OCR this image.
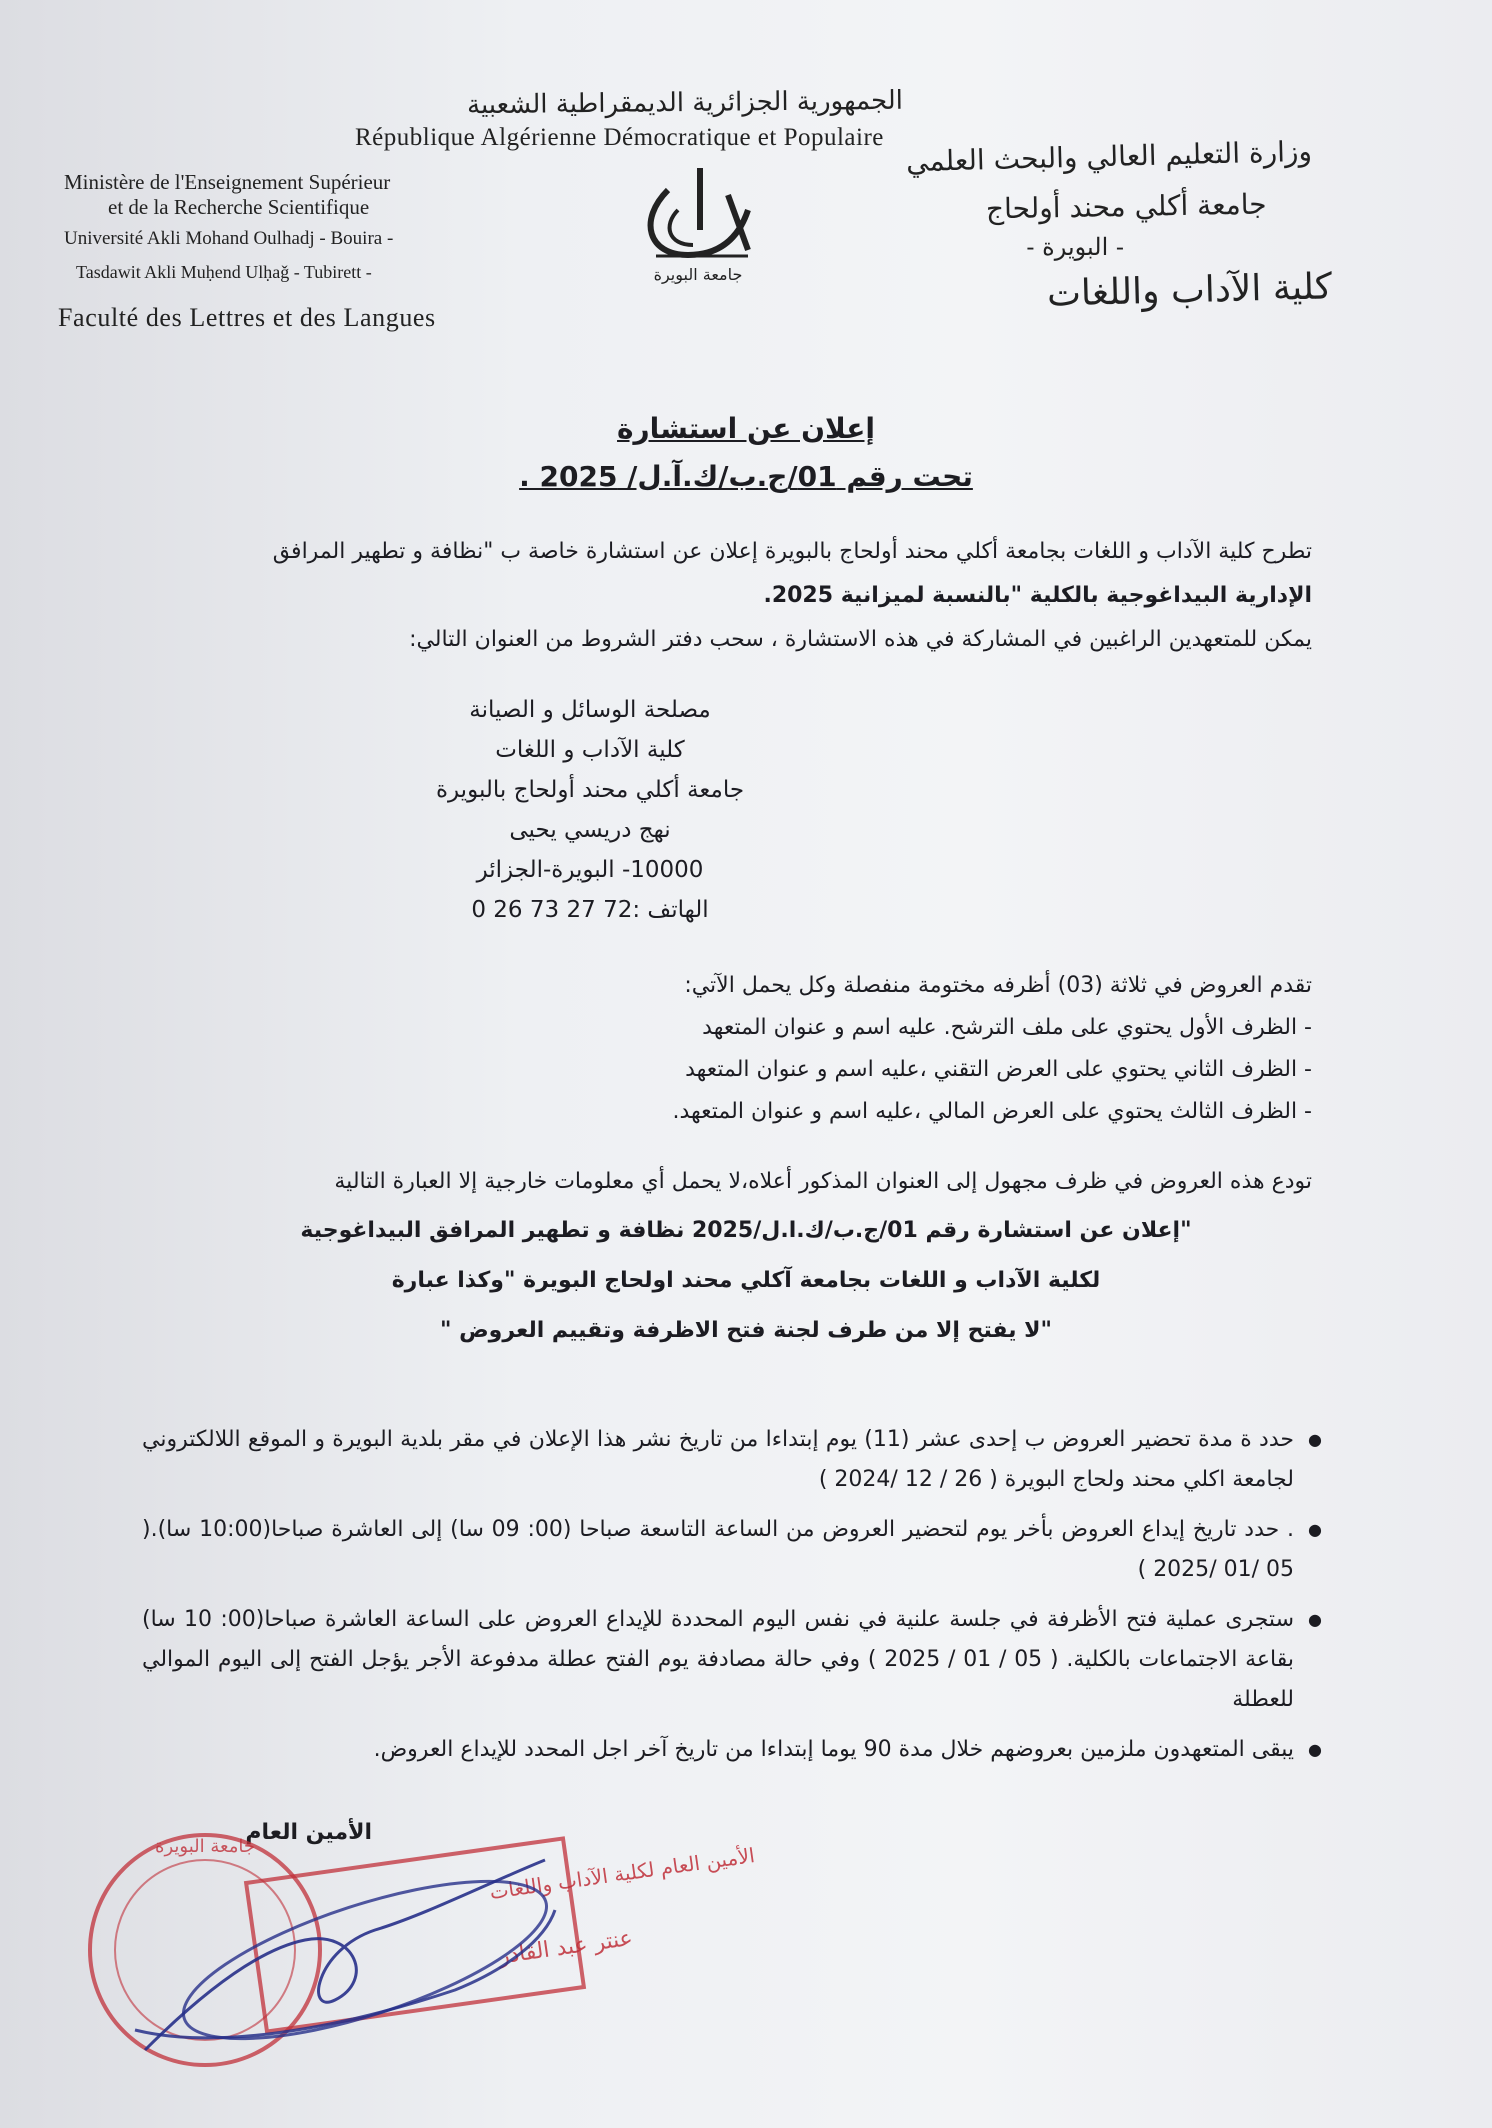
الجمهورية الجزائرية الديمقراطية الشعبية
République Algérienne Démocratique et Populaire
Ministère de l'Enseignement Supérieur
et de la Recherche Scientifique
Université Akli Mohand Oulhadj - Bouira -
Tasdawit Akli Muḥend Ulḥaǧ - Tubirett -
Faculté des Lettres et des Langues
وزارة التعليم العالي والبحث العلمي
جامعة أكلي محند أولحاج
- البويرة -
كلية الآداب واللغات
جامعة البويرة
إعلان عن استشارة
تحت رقم 01/ج.ب/ك.آ.ل/ 2025 .
تطرح كلية الآداب و اللغات بجامعة أكلي محند أولحاج بالبويرة إعلان عن استشارة خاصة ب "نظافة و تطهير المرافق
الإدارية البيداغوجية بالكلية "بالنسبة لميزانية 2025.
يمكن للمتعهدين الراغبين في المشاركة في هذه الاستشارة ، سحب دفتر الشروط من العنوان التالي:
مصلحة الوسائل و الصيانة
كلية الآداب و اللغات
جامعة أكلي محند أولحاج بالبويرة
نهج دريسي يحيى
10000- البويرة-الجزائر
الهاتف :72 27 73 26 0
تقدم العروض في ثلاثة (03) أظرفه مختومة منفصلة وكل يحمل الآتي:
- الظرف الأول يحتوي على ملف الترشح. عليه اسم و عنوان المتعهد
- الظرف الثاني يحتوي على العرض التقني ،عليه اسم و عنوان المتعهد
- الظرف الثالث يحتوي على العرض المالي ،عليه اسم و عنوان المتعهد.
تودع هذه العروض في ظرف مجهول إلى العنوان المذكور أعلاه،لا يحمل أي معلومات خارجية إلا العبارة التالية
"إعلان عن استشارة رقم 01/ج.ب/ك.ا.ل/2025 نظافة و تطهير المرافق البيداغوجية
لكلية الآداب و اللغات بجامعة آكلي محند اولحاج البويرة "وكذا عبارة
"لا يفتح إلا من طرف لجنة فتح الاظرفة وتقييم العروض "
● حدد ة مدة تحضير العروض ب إحدى عشر (11) يوم إبتداءا من تاريخ نشر هذا الإعلان في مقر بلدية البويرة و الموقع اللالكتروني لجامعة اكلي محند ولحاج البويرة ( 26 / 12 /2024 )
● . حدد تاريخ إيداع العروض بأخر يوم لتحضير العروض من الساعة التاسعة صباحا (00: 09 سا) إلى العاشرة صباحا(10:00 سا).( 05 /01 /2025 )
● ستجرى عملية فتح الأظرفة في جلسة علنية في نفس اليوم المحددة للإيداع العروض على الساعة العاشرة صباحا(00: 10 سا) بقاعة الاجتماعات بالكلية. ( 05 / 01 / 2025 ) وفي حالة مصادفة يوم الفتح عطلة مدفوعة الأجر يؤجل الفتح إلى اليوم الموالي للعطلة
● يبقى المتعهدون ملزمين بعروضهم خلال مدة 90 يوما إبتداءا من تاريخ آخر اجل المحدد للإيداع العروض.
الأمين العام
جامعة البويرة	الأمين العام لكلية الآداب واللغات
عنتر عبد القادر
